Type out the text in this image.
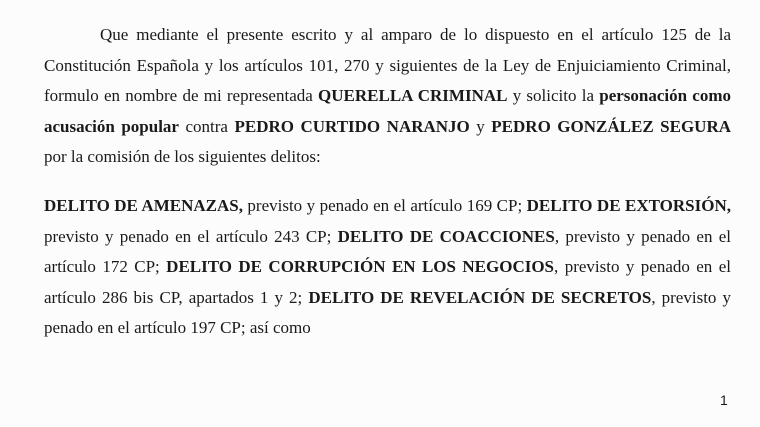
Que mediante el presente escrito y al amparo de lo dispuesto en el artículo 125 de la Constitución Española y los artículos 101, 270 y siguientes de la Ley de Enjuiciamiento Criminal, formulo en nombre de mi representada QUERELLA CRIMINAL y solicito la personación como acusación popular contra PEDRO CURTIDO NARANJO y PEDRO GONZÁLEZ SEGURA por la comisión de los siguientes delitos:

DELITO DE AMENAZAS, previsto y penado en el artículo 169 CP; DELITO DE EXTORSIÓN, previsto y penado en el artículo 243 CP; DELITO DE COACCIONES, previsto y penado en el artículo 172 CP; DELITO DE CORRUPCIÓN EN LOS NEGOCIOS, previsto y penado en el artículo 286 bis CP, apartados 1 y 2; DELITO DE REVELACIÓN DE SECRETOS, previsto y penado en el artículo 197 CP; así como

1
